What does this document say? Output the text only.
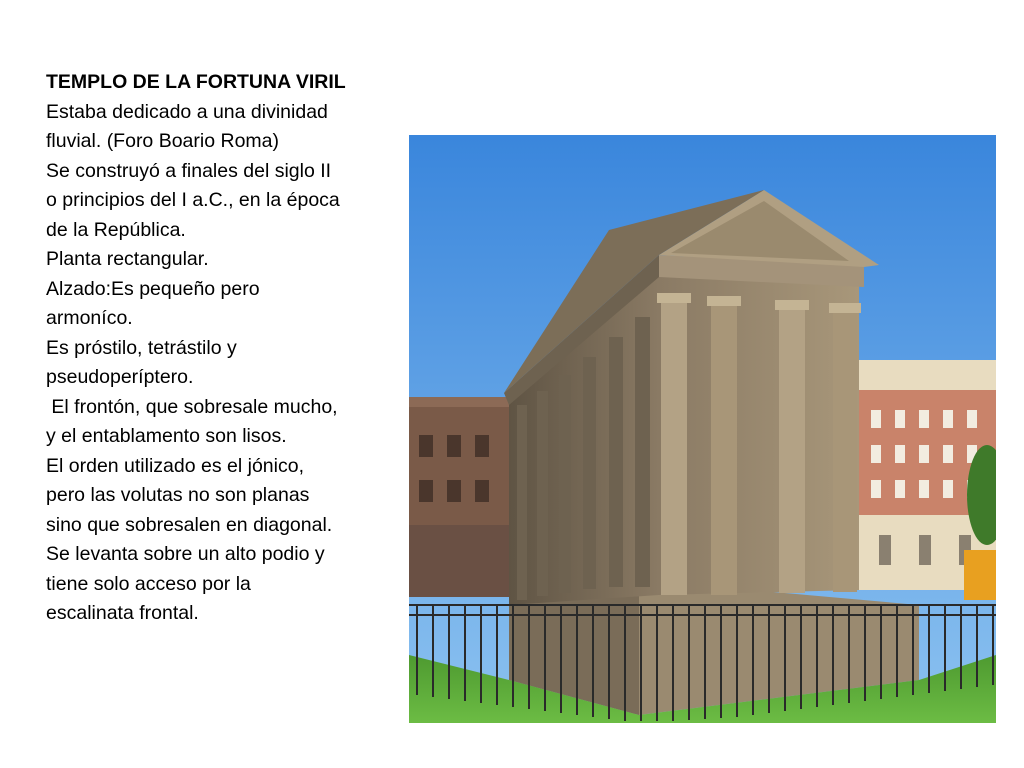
TEMPLO DE LA FORTUNA VIRIL
Estaba dedicado a una divinidad
fluvial. (Foro Boario Roma)
Se construyó a finales del siglo II
o principios del I a.C., en la época
de la República.
Planta rectangular.
Alzado:Es pequeño pero
armoníco.
Es próstilo, tetrástilo y
pseudoperíptero.
El frontón, que sobresale mucho,
y el entablamento son lisos.
El orden utilizado es el jónico,
pero las volutas no son planas
sino que sobresalen en diagonal.
Se levanta sobre un alto podio y
tiene solo acceso por la
escalinata frontal.
